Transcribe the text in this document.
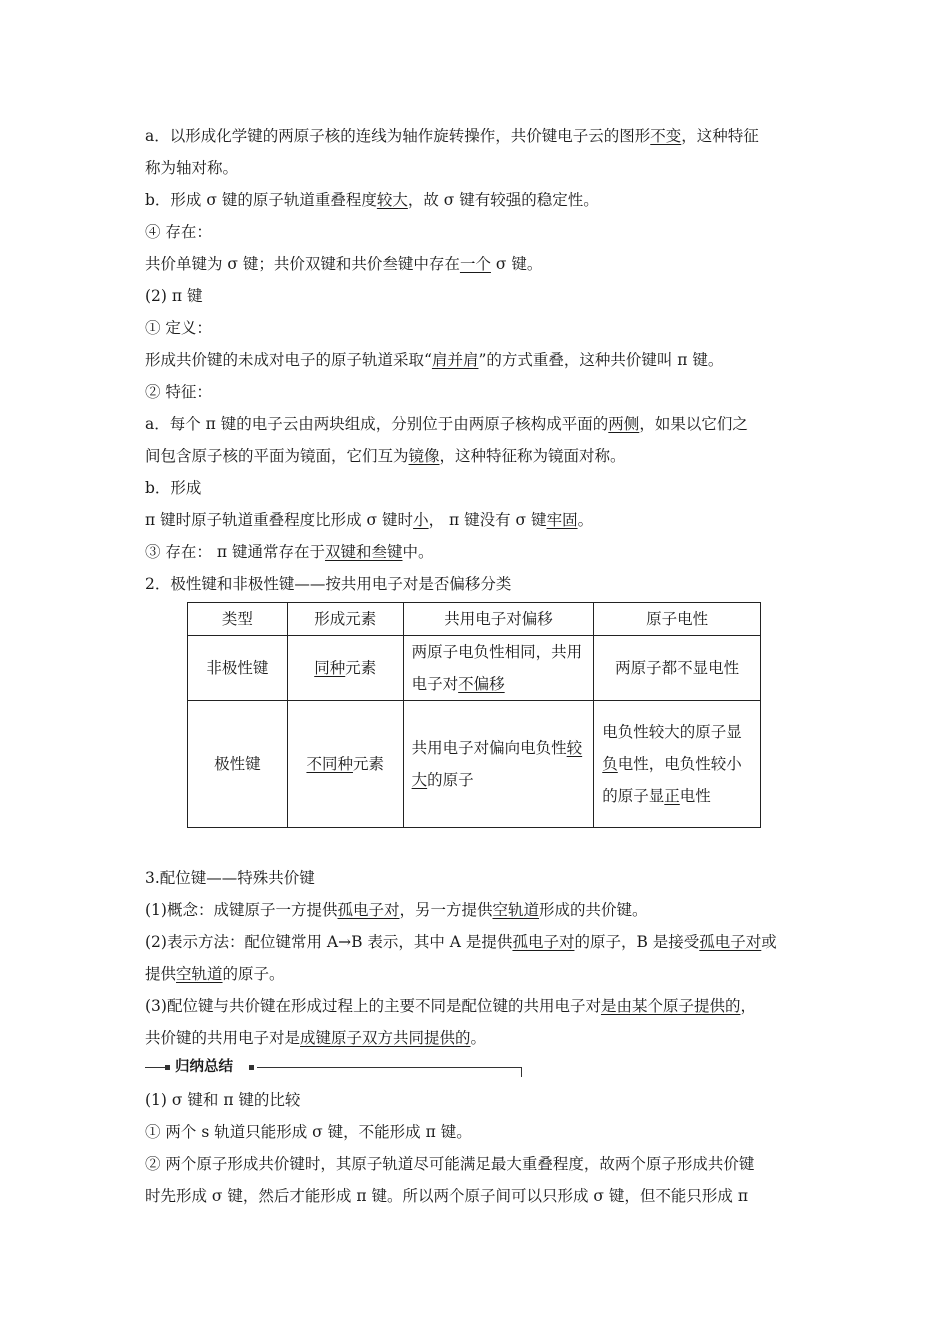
a．以形成化学键的两原子核的连线为轴作旋转操作，共价键电子云的图形不变，这种特征
称为轴对称。
b．形成 σ 键的原子轨道重叠程度较大，故 σ 键有较强的稳定性。
④ 存在：
共价单键为 σ 键；共价双键和共价叁键中存在一个 σ 键。
(2) π 键
① 定义：
形成共价键的未成对电子的原子轨道采取“肩并肩”的方式重叠，这种共价键叫 π 键。
② 特征：
a．每个 π 键的电子云由两块组成，分别位于由两原子核构成平面的两侧，如果以它们之
间包含原子核的平面为镜面，它们互为镜像，这种特征称为镜面对称。
b．形成
π 键时原子轨道重叠程度比形成 σ 键时小， π 键没有 σ 键牢固。
③ 存在： π 键通常存在于双键和叁键中。
2．极性键和非极性键——按共用电子对是否偏移分类
类型	形成元素	共用电子对偏移	原子电性
非极性键	同种元素	两原子电负性相同，共用电子对不偏移	两原子都不显电性
极性键	不同种元素	共用电子对偏向电负性较大的原子	电负性较大的原子显负电性，电负性较小的原子显正电性
3.配位键——特殊共价键
(1)概念：成键原子一方提供孤电子对，另一方提供空轨道形成的共价键。
(2)表示方法：配位键常用 A→B 表示，其中 A 是提供孤电子对的原子，B 是接受孤电子对或
提供空轨道的原子。
(3)配位键与共价键在形成过程上的主要不同是配位键的共用电子对是由某个原子提供的，
共价键的共用电子对是成键原子双方共同提供的。
归纳总结
(1) σ 键和 π 键的比较
① 两个 s 轨道只能形成 σ 键，不能形成 π 键。
② 两个原子形成共价键时，其原子轨道尽可能满足最大重叠程度，故两个原子形成共价键
时先形成 σ 键，然后才能形成 π 键。所以两个原子间可以只形成 σ 键，但不能只形成 π
